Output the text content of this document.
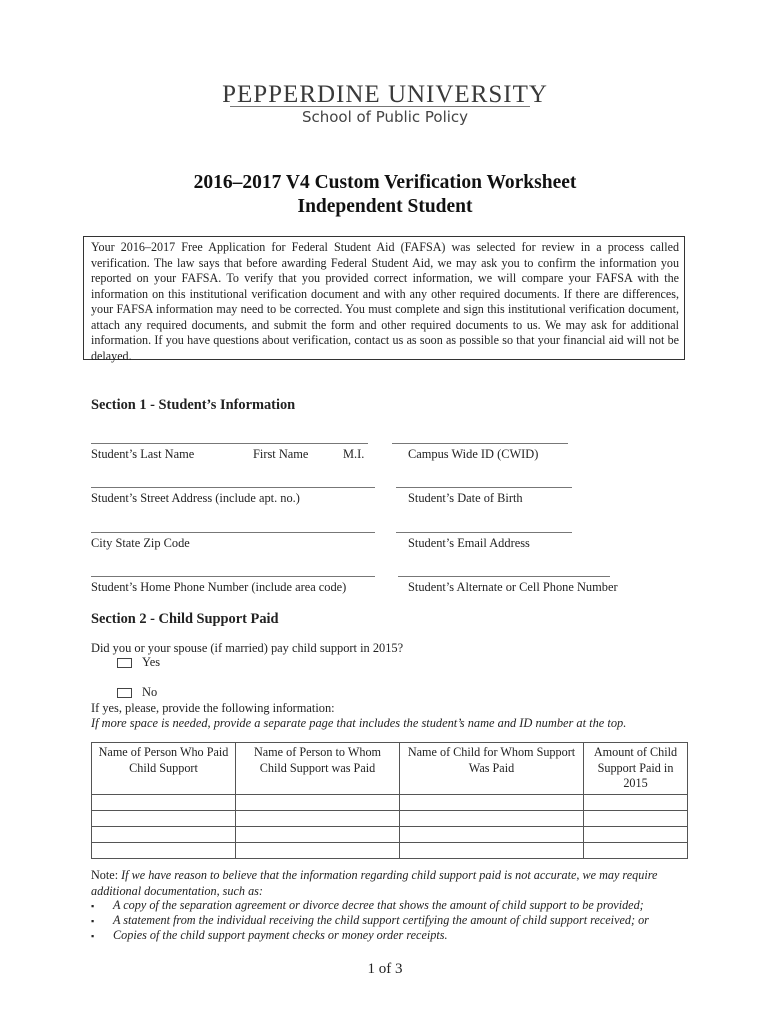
PEPPERDINE UNIVERSITY
School of Public Policy
2016–2017 V4 Custom Verification Worksheet
Independent Student
Your 2016–2017 Free Application for Federal Student Aid (FAFSA) was selected for review in a process called verification. The law says that before awarding Federal Student Aid, we may ask you to confirm the information you reported on your FAFSA. To verify that you provided correct information, we will compare your FAFSA with the information on this institutional verification document and with any other required documents. If there are differences, your FAFSA information may need to be corrected. You must complete and sign this institutional verification document, attach any required documents, and submit the form and other required documents to us. We may ask for additional information. If you have questions about verification, contact us as soon as possible so that your financial aid will not be delayed.
Section 1 - Student’s Information
Student’s Last Name	First Name	M.I.	Campus Wide ID (CWID)
Student’s Street Address (include apt. no.)	Student’s Date of Birth
City State Zip Code	Student’s Email Address
Student’s Home Phone Number (include area code)	Student’s Alternate or Cell Phone Number
Section 2 - Child Support Paid
Did you or your spouse (if married) pay child support in 2015?
Yes
No
If yes, please, provide the following information:
If more space is needed, provide a separate page that includes the student’s name and ID number at the top.
Name of Person Who Paid Child Support	Name of Person to Whom Child Support was Paid	Name of Child for Whom Support Was Paid	Amount of Child Support Paid in 2015

Note: If we have reason to believe that the information regarding child support paid is not accurate, we may require additional documentation, such as:
▪ A copy of the separation agreement or divorce decree that shows the amount of child support to be provided;
▪ A statement from the individual receiving the child support certifying the amount of child support received; or
▪ Copies of the child support payment checks or money order receipts.
1 of 3
